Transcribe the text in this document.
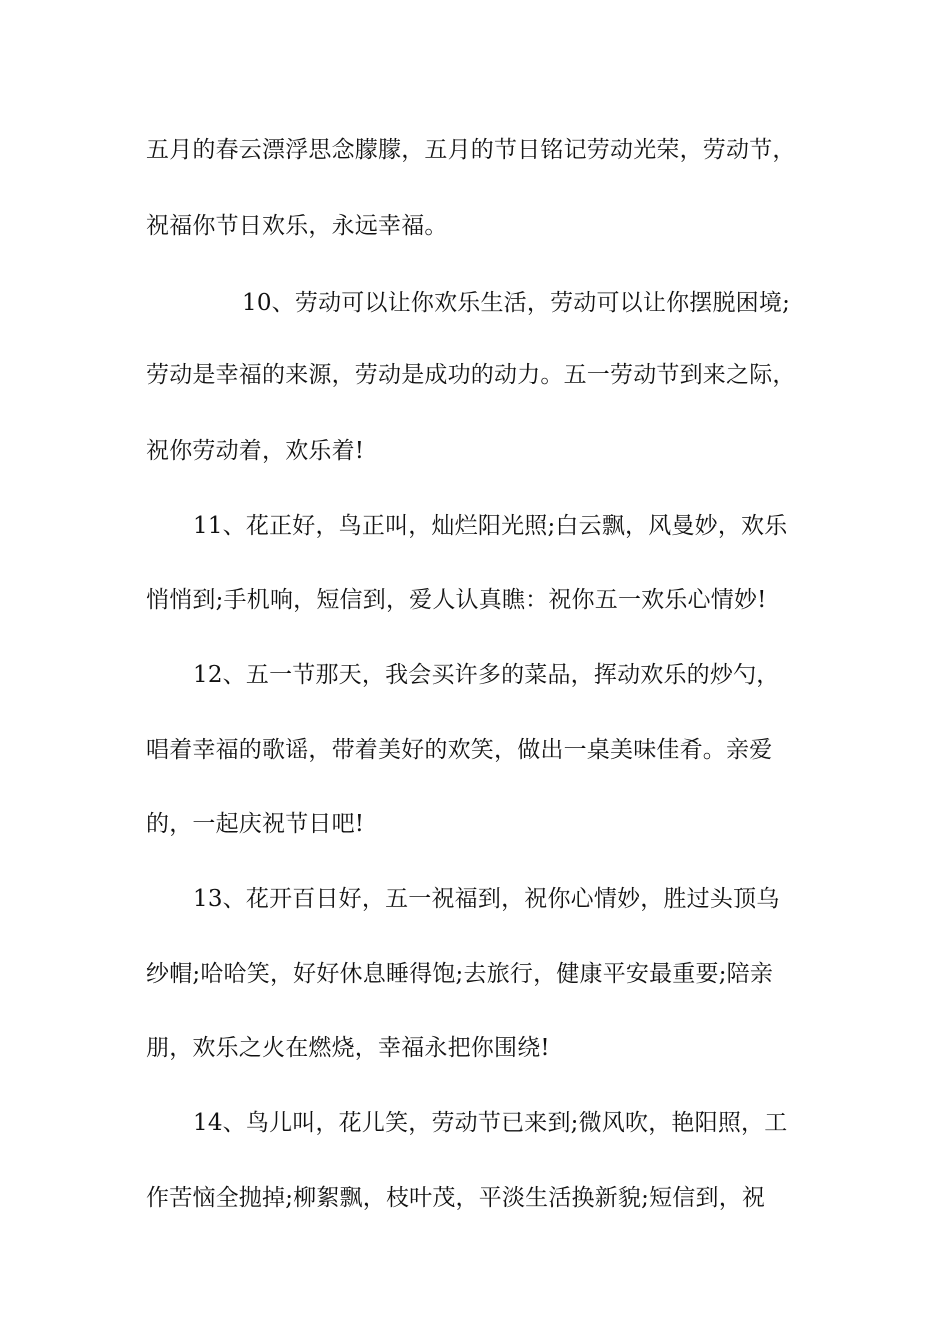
五月的春云漂浮思念朦朦，五月的节日铭记劳动光荣，劳动节，
祝福你节日欢乐，永远幸福。
10、劳动可以让你欢乐生活，劳动可以让你摆脱困境;
劳动是幸福的来源，劳动是成功的动力。五一劳动节到来之际，
祝你劳动着，欢乐着!
11、花正好，鸟正叫，灿烂阳光照;白云飘，风曼妙，欢乐
悄悄到;手机响，短信到，爱人认真瞧：祝你五一欢乐心情妙!
12、五一节那天，我会买许多的菜品，挥动欢乐的炒勺，
唱着幸福的歌谣，带着美好的欢笑，做出一桌美味佳肴。亲爱
的，一起庆祝节日吧!
13、花开百日好，五一祝福到，祝你心情妙，胜过头顶乌
纱帽;哈哈笑，好好休息睡得饱;去旅行，健康平安最重要;陪亲
朋，欢乐之火在燃烧，幸福永把你围绕!
14、鸟儿叫，花儿笑，劳动节已来到;微风吹，艳阳照，工
作苦恼全抛掉;柳絮飘，枝叶茂，平淡生活换新貌;短信到，祝
